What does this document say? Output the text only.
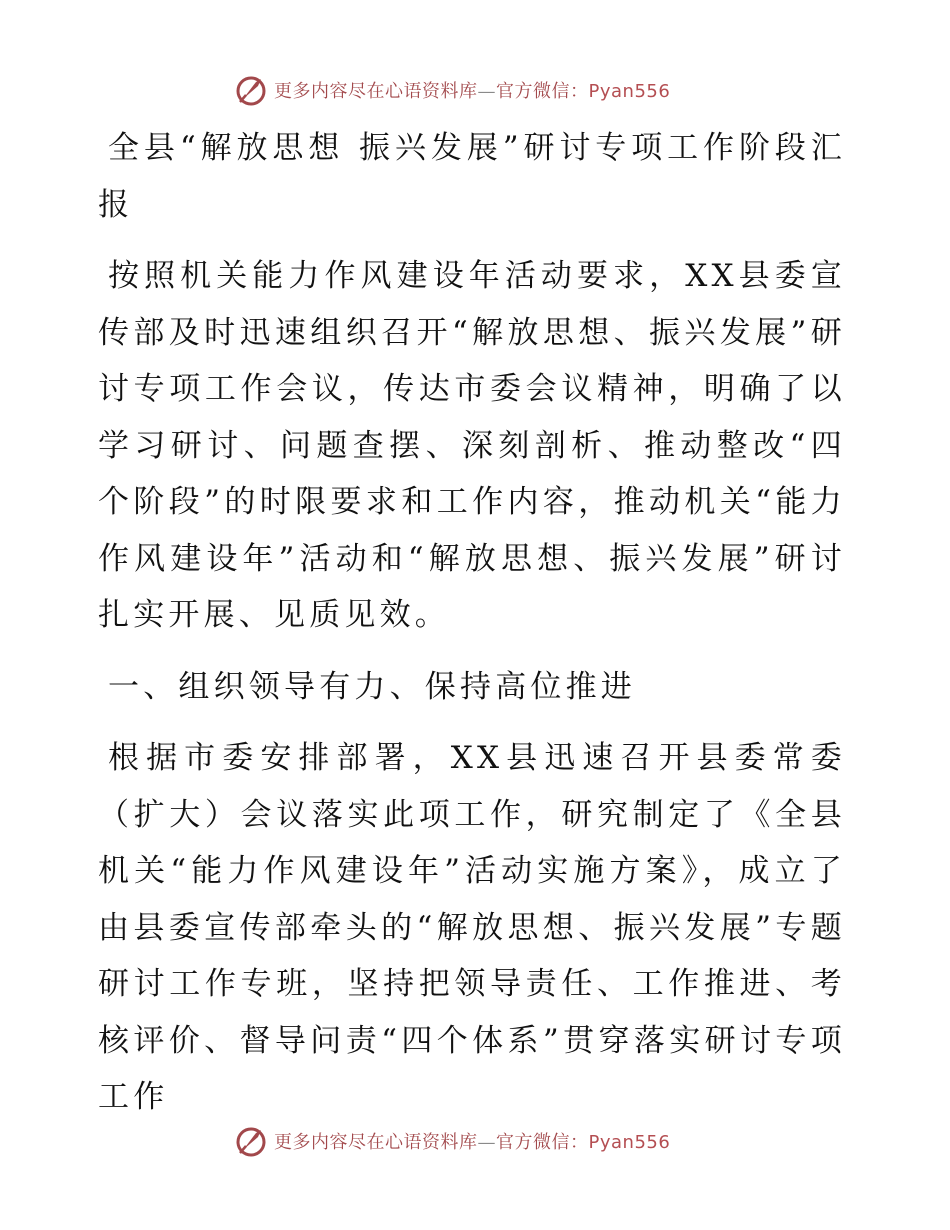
更多内容尽在心语资料库—官方微信：Pyan556

全县“解放思想 振兴发展”研讨专项工作阶段汇报

按照机关能力作风建设年活动要求，XX县委宣传部及时迅速组织召开“解放思想、振兴发展”研讨专项工作会议，传达市委会议精神，明确了以学习研讨、问题查摆、深刻剖析、推动整改“四个阶段”的时限要求和工作内容，推动机关“能力作风建设年”活动和“解放思想、振兴发展”研讨扎实开展、见质见效。

一、组织领导有力、保持高位推进

根据市委安排部署，XX县迅速召开县委常委（扩大）会议落实此项工作，研究制定了《全县机关“能力作风建设年”活动实施方案》，成立了由县委宣传部牵头的“解放思想、振兴发展”专题研讨工作专班，坚持把领导责任、工作推进、考核评价、督导问责“四个体系”贯穿落实研讨专项工作

更多内容尽在心语资料库—官方微信：Pyan556
